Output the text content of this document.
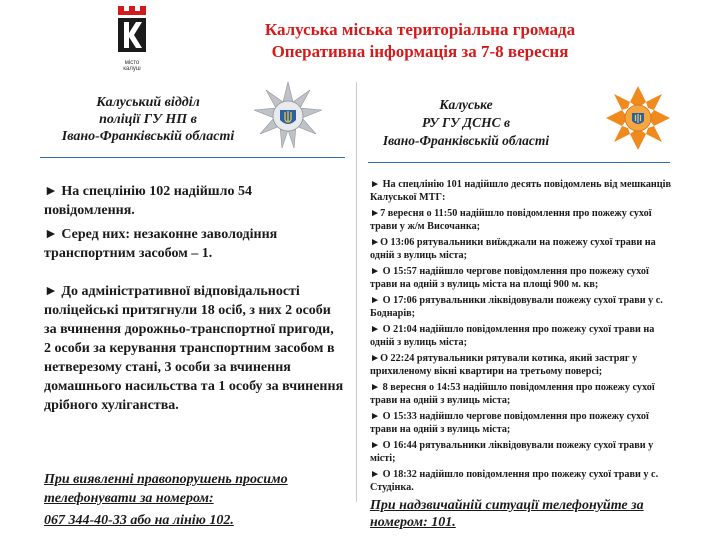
місто
калуш
Калуська міська територіальна громада
Оперативна інформація за 7-8 вересня
Калуський відділ
поліції ГУ НП в
Івано-Франківській області

► На спецлінію 102 надійшло 54 повідомлення.

► Серед них: незаконне заволодіння транспортним засобом – 1.

► До адміністративної відповідальності поліцейські притягнули 18 осіб, з них 2 особи за вчинення дорожньо-транспортної пригоди, 2 особи за керування транспортним засобом в нетверезому стані, 3 особи за вчинення домашнього насильства та 1 особу за вчинення дрібного хуліганства.

При виявленні правопорушень просимо телефонувати за номером:
067 344-40-33 або на лінію 102.
Калуське
РУ ГУ ДСНС в
Івано-Франківській області

► На спецлінію 101 надійшло десять повідомлень від мешканців Калуської МТГ:

►7 вересня о 11:50 надійшло повідомлення про пожежу сухої трави у ж/м Височанка;

►О 13:06 рятувальники виїжджали на пожежу сухої трави на одній з вулиць міста;

► О 15:57 надійшло чергове повідомлення про пожежу сухої трави на одній з вулиць міста на площі 900 м. кв;

► О 17:06 рятувальники ліквідовували пожежу сухої трави у с. Боднарів;

► О 21:04 надійшло повідомлення про пожежу сухої трави на одній з вулиць міста;

►О 22:24 рятувальники рятували котика, який застряг у прихиленому вікні квартири на третьому поверсі;

► 8 вересня о 14:53 надійшло повідомлення про пожежу сухої трави на одній з вулиць міста;

► О 15:33 надійшло чергове повідомлення про пожежу сухої трави на одній з вулиць міста;

► О 16:44 рятувальники ліквідовували пожежу сухої трави у місті;

► О 18:32 надійшло повідомлення про пожежу сухої трави у с. Студінка.

При надзвичайній ситуації телефонуйте за номером: 101.
